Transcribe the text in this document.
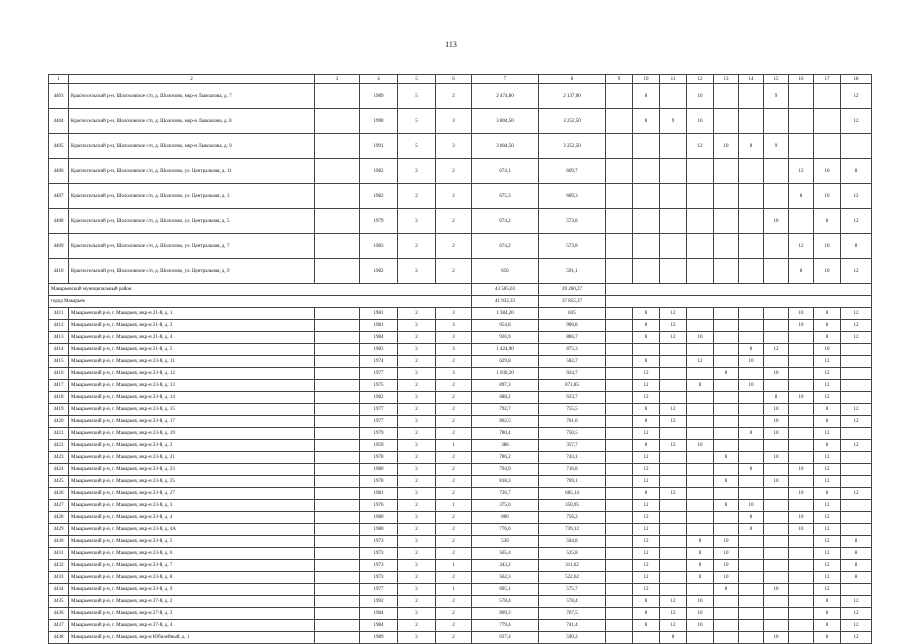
113
1	2	3	4	5	6	7	8	9	10	11	12	13	14	15	16	17	18
4403	Красносельский р-н, Шолоховское с/п, д. Шолохово, мкр-н Лыкоалова, д. 7		1989	5	2	2 474,80	2 137,00		8		10			9			12
4404	Красносельский р-н, Шолоховское с/п, д. Шолохово, мкр-н Лыкоалова, д. 8		1990	5	3	3 804,50	3 252,50		8	9	10						12
4405	Красносельский р-н, Шолоховское с/п, д. Шолохово, мкр-н Лыкоалова, д. 9		1991	5	3	3 804,50	3 252,50				12	10	8	9			
4406	Красносельский р-н, Шолоховское с/п, д. Шолохово, ул. Центральная, д. 11		1982	2	2	674,1	609,7								12	10	8
4407	Красносельский р-н, Шолоховское с/п, д. Шолохово, ул. Центральная, д. 3		1982	2	2	675,3	609,3								8	10	12
4408	Красносельский р-н, Шолоховское с/п, д. Шолохово, ул. Центральная, д. 5		1979	2	2	674,2	573,8							10		8	12
4409	Красносельский р-н, Шолоховское с/п, д. Шолохово, ул. Центральная, д. 7		1983	2	2	674,2	573,8								12	10	8
4410	Красносельский р-н, Шолоховское с/п, д. Шолохово, ул. Центральная, д. 9		1982	2	2	656	591,1								8	10	12
Макарьевский муниципальный район						43 505,03	39 260,27										
город Макарьев						41 932,33	37 855,37										
4411	Макарьевский р-н, г. Макарьев, мкр-н 21-й, д. 1		1981	2	3	1 384,20	835		8	12					10	8	12
4412	Макарьевский р-н, г. Макарьев, мкр-н 21-й, д. 3		1981	2	3	954,8	906,8		8	12					10	8	12
4413	Макарьевский р-н, г. Макарьев, мкр-н 21-й, д. 4		1984	2	3	936,9	886,7		8	12	10					8	12
4414	Макарьевский р-н, г. Макарьев, мкр-н 21-й, д. 5		1983	2	3	1 424,90	875,3						8	12		10	
4415	Макарьевский р-н, г. Макарьев, мкр-н 23-й, д. 11		1974	2	2	629,8	582,7		8		12		10			12	
4416	Макарьевский р-н, г. Макарьев, мкр-н 23-й, д. 12		1977	2	3	1 030,20	924,7		12			8		10		12	
4417	Макарьевский р-н, г. Макарьев, мкр-н 23-й, д. 13		1975	2	2	897,3	871,85		12		8		10			12	
4418	Макарьевский р-н, г. Макарьев, мкр-н 23-й, д. 14		1982	2	2	688,2	633,7		12					8	10	12	
4419	Макарьевский р-н, г. Макарьев, мкр-н 23-й, д. 15		1977	2	2	792,7	755,5		8	12				10		8	12
4420	Макарьевский р-н, г. Макарьев, мкр-н 23-й, д. 17		1977	2	2	802,5	761,6		8	12				10		8	12
4421	Макарьевский р-н, г. Макарьев, мкр-н 23-й, д. 19		1979	2	2	780,4	750,5		12				8	10		12	
4422	Макарьевский р-н, г. Макарьев, мкр-н 23-й, д. 2		1959	2	1	386	357,7		8	12	10					8	12
4423	Макарьевский р-н, г. Макарьев, мкр-н 23-й, д. 21		1978	2	2	786,2	743,1		12			8		10		12	
4424	Макарьевский р-н, г. Макарьев, мкр-н 23-й, д. 23		1980	2	2	794,9	716,8		12				8		10	12	
4425	Макарьевский р-н, г. Макарьев, мкр-н 23-й, д. 25		1978	2	2	818,3	769,1		12			8		10		12	
4426	Макарьевский р-н, г. Макарьев, мкр-н 23-й, д. 27		1981	2	2	726,7	685,14		8	12					10	8	12
4427	Макарьевский р-н, г. Макарьев, мкр-н 23-й, д. 3		1976	2	1	375,6	350,95		12			8	10			12	
4428	Макарьевский р-н, г. Макарьев, мкр-н 23-й, д. 4		1980	2	2	806	756,2		12				8		10	12	
4429	Макарьевский р-н, г. Макарьев, мкр-н 23-й, д. 4А		1980	2	2	776,6	739,12		12				8		10	12	
4430	Макарьевский р-н, г. Макарьев, мкр-н 23-й, д. 5		1973	2	2	536	504,8		12		8	10				12	8
4431	Макарьевский р-н, г. Макарьев, мкр-н 23-й, д. 6		1973	2	2	565,4	525,8		12		8	10				12	8
4432	Макарьевский р-н, г. Макарьев, мкр-н 23-й, д. 7		1973	2	1	343,2	311,62		12		8	10				12	8
4433	Макарьевский р-н, г. Макарьев, мкр-н 23-й, д. 8		1973	2	2	562,3	522,62		12		8	10				12	8
4434	Макарьевский р-н, г. Макарьев, мкр-н 23-й, д. 9		1977	2	1	605,1	575,7		12			8		10		12	
4435	Макарьевский р-н, г. Макарьев, мкр-н 27-й, д. 2		1992	2	2	578,4	578,4		8	12	10					8	12
4436	Макарьевский р-н, г. Макарьев, мкр-н 27-й, д. 3		1984	2	2	809,3	767,5		8	12	10					8	12
4437	Макарьевский р-н, г. Макарьев, мкр-н 27-й, д. 4		1984	2	2	779,4	741,4		8	12	10					8	12
4438	Макарьевский р-н, г. Макарьев, мкр-н Юбилейный, д. 1		1989	2	2	637,4	590,2			8				10		8	12
